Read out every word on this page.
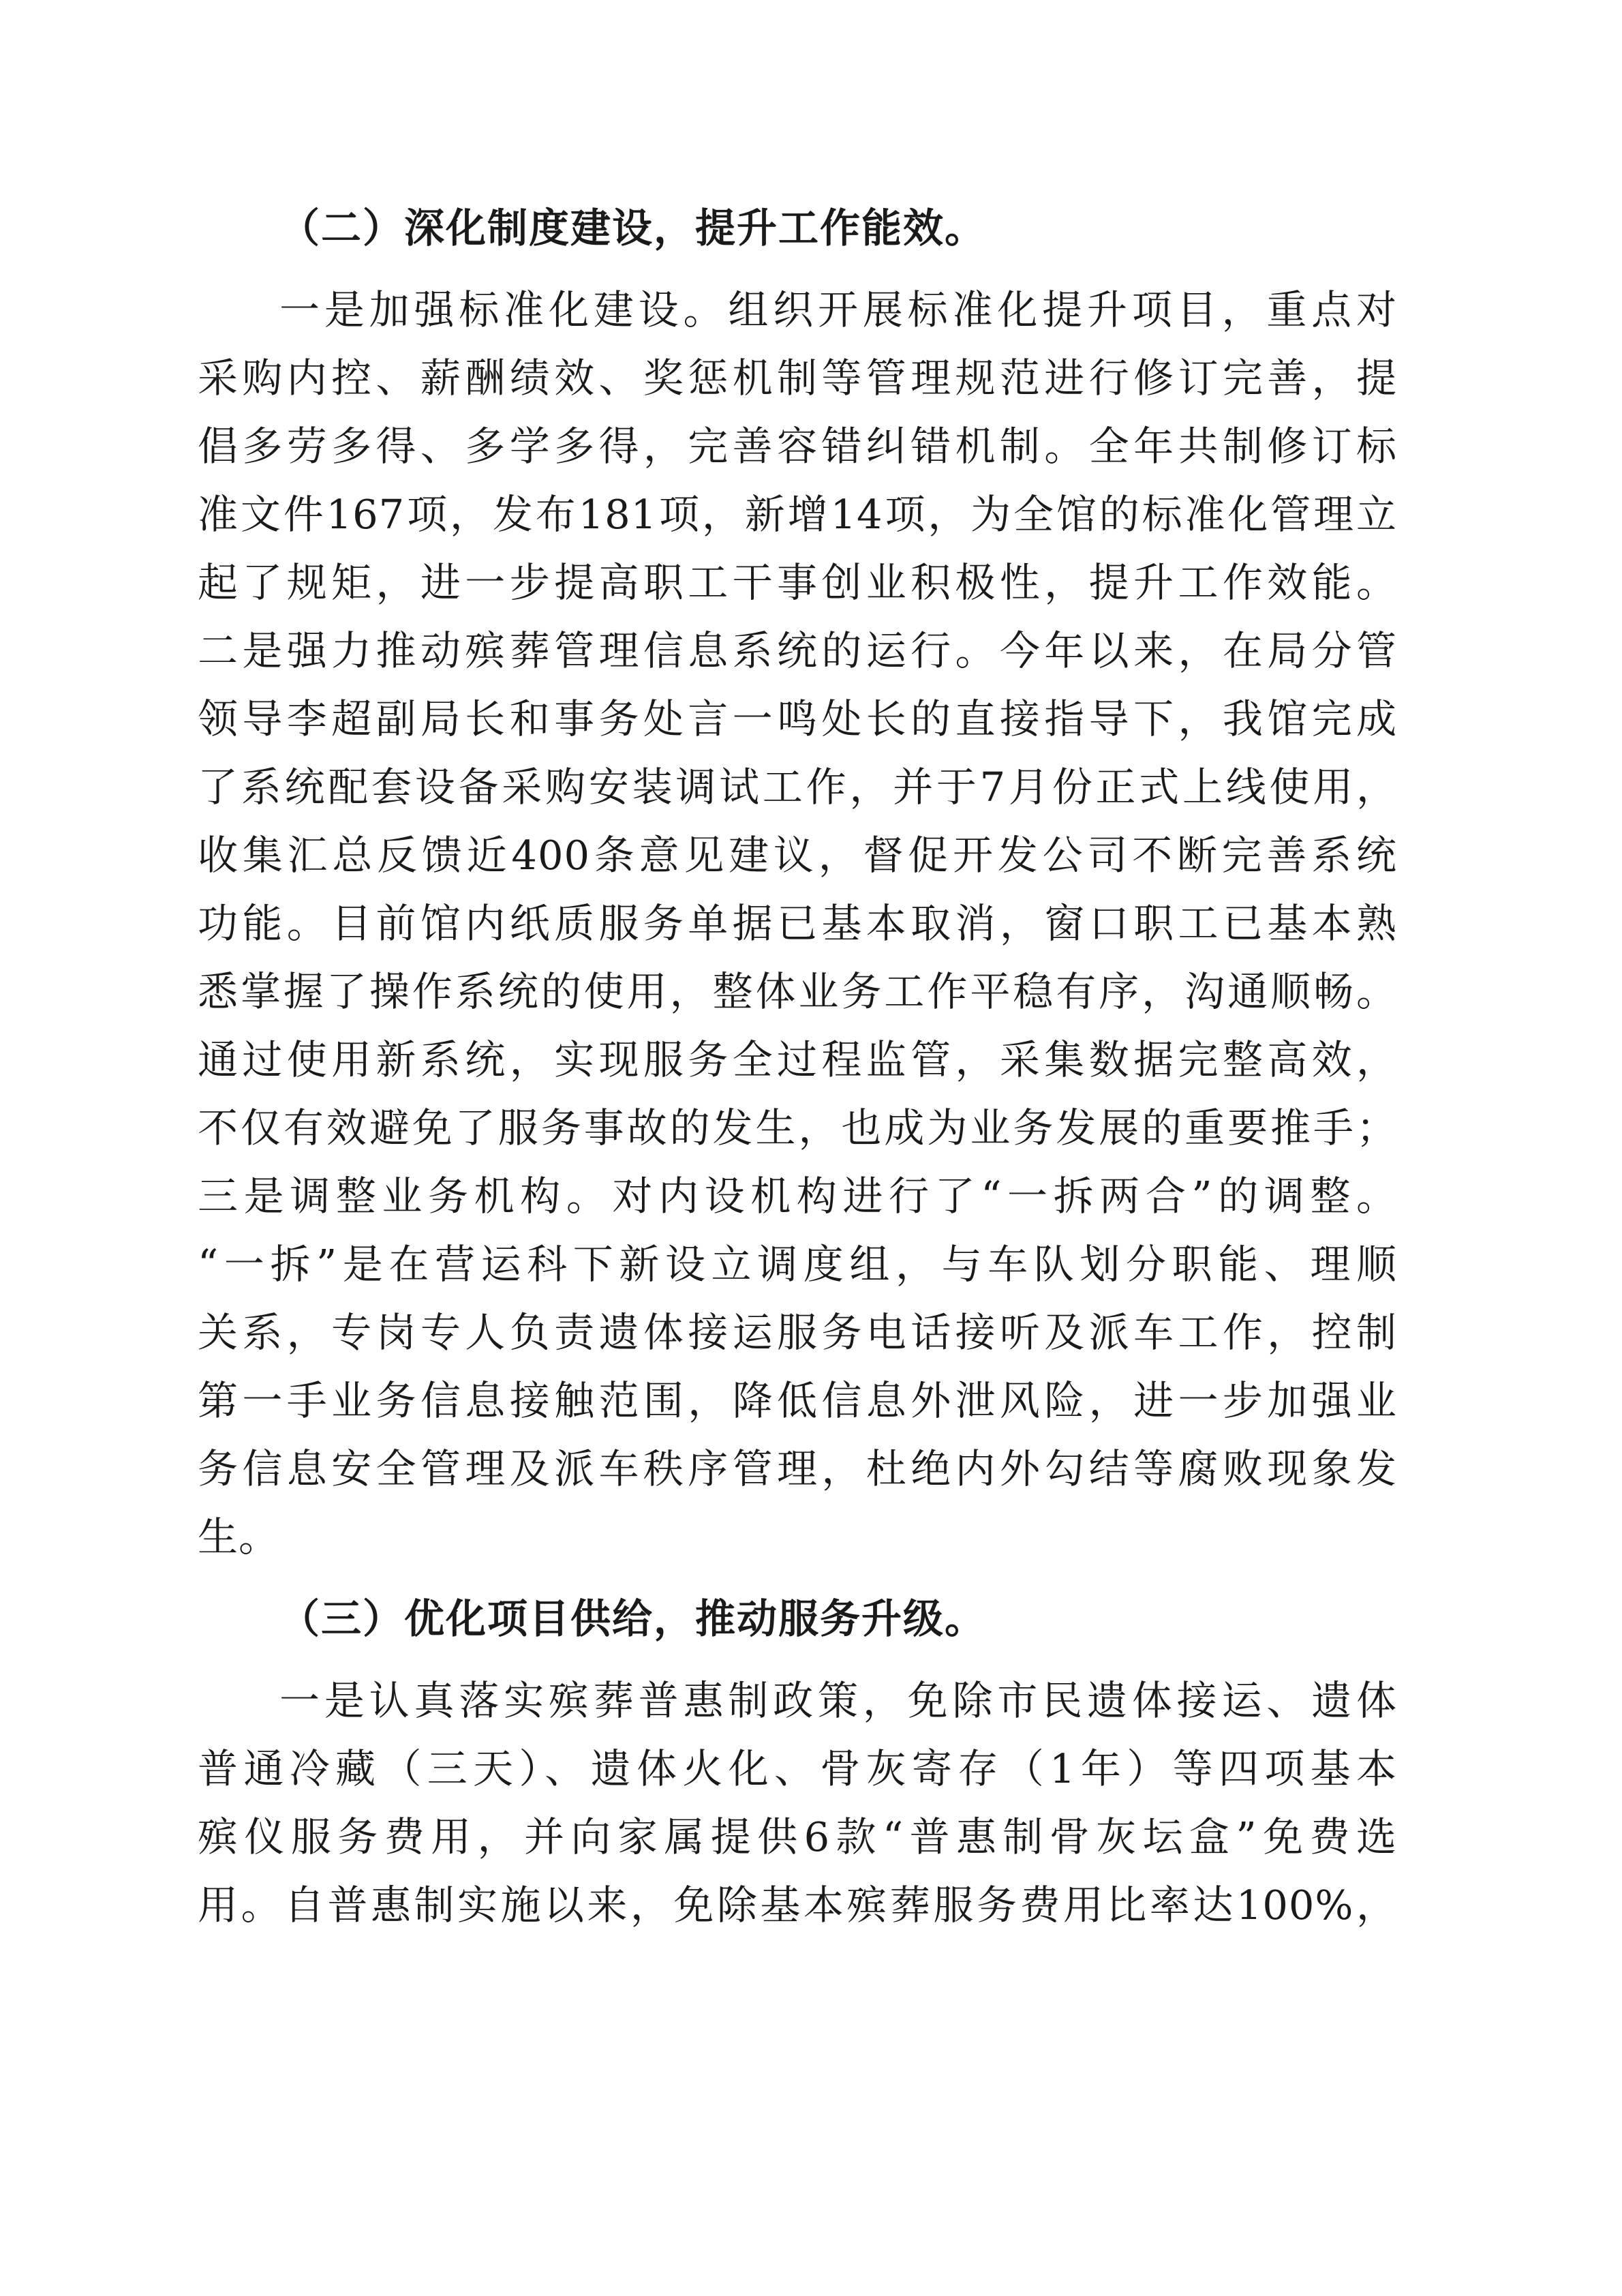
（二）深化制度建设，提升工作能效。
一是加强标准化建设。组织开展标准化提升项目，重点对
采购内控、薪酬绩效、奖惩机制等管理规范进行修订完善，提
倡多劳多得、多学多得，完善容错纠错机制。全年共制修订标
准文件167项，发布181项，新增14项，为全馆的标准化管理立
起了规矩，进一步提高职工干事创业积极性，提升工作效能。
二是强力推动殡葬管理信息系统的运行。今年以来，在局分管
领导李超副局长和事务处言一鸣处长的直接指导下，我馆完成
了系统配套设备采购安装调试工作，并于7月份正式上线使用，
收集汇总反馈近400条意见建议，督促开发公司不断完善系统
功能。目前馆内纸质服务单据已基本取消，窗口职工已基本熟
悉掌握了操作系统的使用，整体业务工作平稳有序，沟通顺畅。
通过使用新系统，实现服务全过程监管，采集数据完整高效，
不仅有效避免了服务事故的发生，也成为业务发展的重要推手；
三是调整业务机构。对内设机构进行了“一拆两合”的调整。
“一拆”是在营运科下新设立调度组，与车队划分职能、理顺
关系，专岗专人负责遗体接运服务电话接听及派车工作，控制
第一手业务信息接触范围，降低信息外泄风险，进一步加强业
务信息安全管理及派车秩序管理，杜绝内外勾结等腐败现象发
生。
（三）优化项目供给，推动服务升级。
一是认真落实殡葬普惠制政策，免除市民遗体接运、遗体
普通冷藏（三天）、遗体火化、骨灰寄存（1年）等四项基本
殡仪服务费用，并向家属提供6款“普惠制骨灰坛盒”免费选
用。自普惠制实施以来，免除基本殡葬服务费用比率达100%，
